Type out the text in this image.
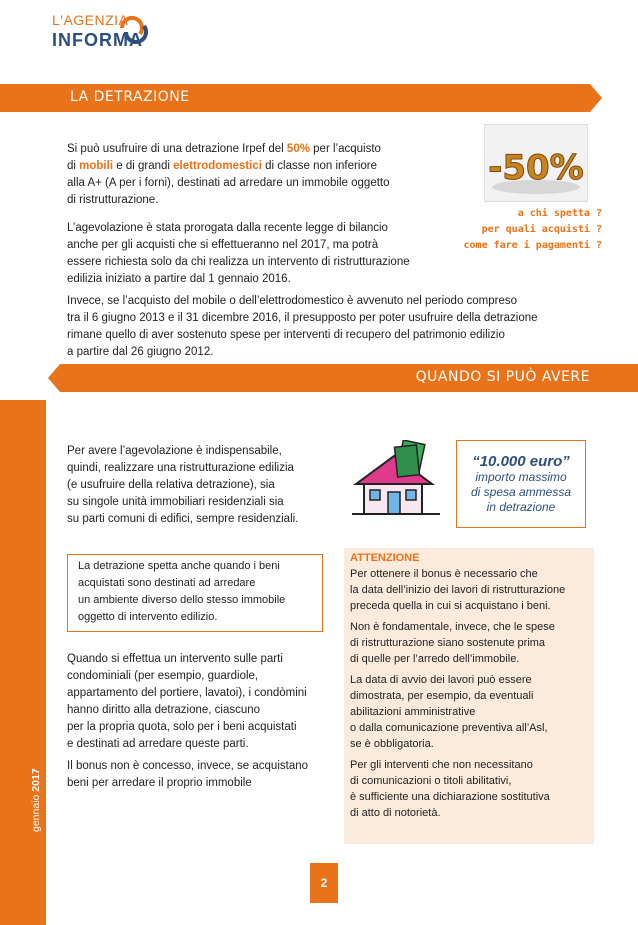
L'AGENZIA
INFORMA
LA DETRAZIONE

Si può usufruire di una detrazione Irpef del 50% per l’acquisto
di mobili e di grandi elettrodomestici di classe non inferiore
alla A+ (A per i forni), destinati ad arredare un immobile oggetto
di ristrutturazione.

L’agevolazione è stata prorogata dalla recente legge di bilancio
anche per gli acquisti che si effettueranno nel 2017, ma potrà
essere richiesta solo da chi realizza un intervento di ristrutturazione
edilizia iniziato a partire dal 1 gennaio 2016.

Invece, se l’acquisto del mobile o dell’elettrodomestico è avvenuto nel periodo compreso
tra il 6 giugno 2013 e il 31 dicembre 2016, il presupposto per poter usufruire della detrazione
rimane quello di aver sostenuto spese per interventi di recupero del patrimonio edilizio
a partire dal 26 giugno 2012.

-50%
a chi spetta ?
per quali acquisti ?
come fare i pagamenti ?
QUANDO SI PUÒ AVERE
gennaio 2017

Per avere l’agevolazione è indispensabile,
quindi, realizzare una ristrutturazione edilizia
(e usufruire della relativa detrazione), sia
su singole unità immobiliari residenziali sia
su parti comuni di edifici, sempre residenziali.

“10.000 euro”
importo massimo
di spesa ammessa
in detrazione
La detrazione spetta anche quando i beni
acquistati sono destinati ad arredare
un ambiente diverso dello stesso immobile
oggetto di intervento edilizio.

Quando si effettua un intervento sulle parti
condominiali (per esempio, guardiole,
appartamento del portiere, lavatoi), i condòmini
hanno diritto alla detrazione, ciascuno
per la propria quota, solo per i beni acquistati
e destinati ad arredare queste parti.

Il bonus non è concesso, invece, se acquistano
beni per arredare il proprio immobile

ATTENZIONE
Per ottenere il bonus è necessario che
la data dell’inizio dei lavori di ristrutturazione
preceda quella in cui si acquistano i beni.
Non è fondamentale, invece, che le spese
di ristrutturazione siano sostenute prima
di quelle per l’arredo dell’immobile.
La data di avvio dei lavori può essere
dimostrata, per esempio, da eventuali
abilitazioni amministrative
o dalla comunicazione preventiva all’Asl,
se è obbligatoria.
Per gli interventi che non necessitano
di comunicazioni o titoli abilitativi,
è sufficiente una dichiarazione sostitutiva
di atto di notorietà.
2
